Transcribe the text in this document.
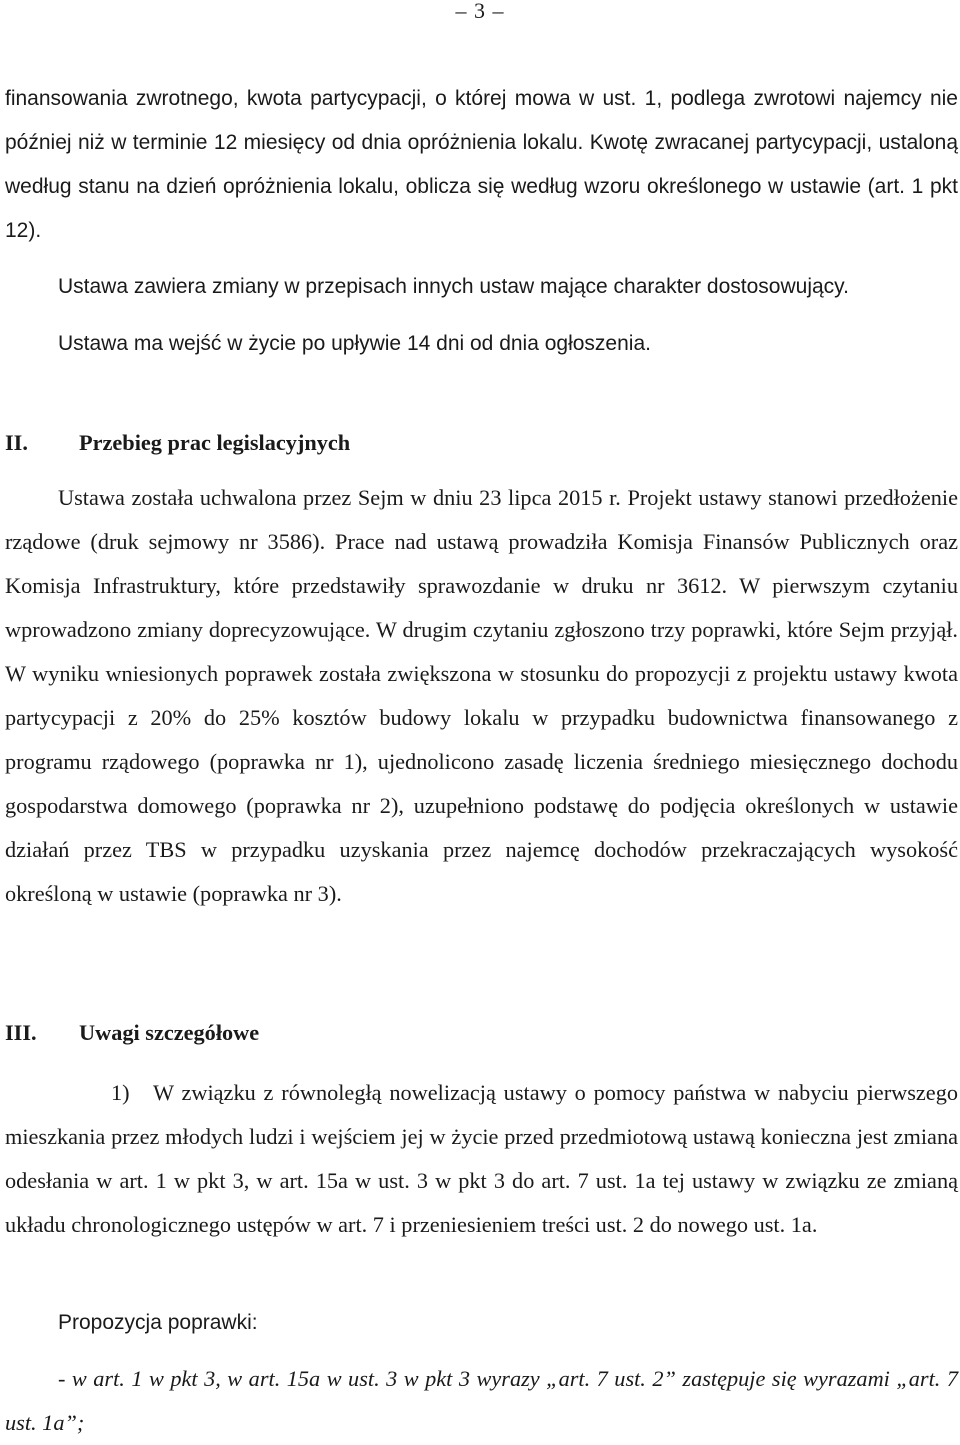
– 3 –

finansowania zwrotnego, kwota partycypacji, o której mowa w ust. 1, podlega zwrotowi najemcy nie później niż w terminie 12 miesięcy od dnia opróżnienia lokalu. Kwotę zwracanej partycypacji, ustaloną według stanu na dzień opróżnienia lokalu, oblicza się według wzoru określonego w ustawie (art. 1 pkt 12).

Ustawa zawiera zmiany w przepisach innych ustaw mające charakter dostosowujący.

Ustawa ma wejść w życie po upływie 14 dni od dnia ogłoszenia.

II. Przebieg prac legislacyjnych

Ustawa została uchwalona przez Sejm w dniu 23 lipca 2015 r. Projekt ustawy stanowi przedłożenie rządowe (druk sejmowy nr 3586). Prace nad ustawą prowadziła Komisja Finansów Publicznych oraz Komisja Infrastruktury, które przedstawiły sprawozdanie w druku nr 3612. W pierwszym czytaniu wprowadzono zmiany doprecyzowujące. W drugim czytaniu zgłoszono trzy poprawki, które Sejm przyjął. W wyniku wniesionych poprawek została zwiększona w stosunku do propozycji z projektu ustawy kwota partycypacji z 20% do 25% kosztów budowy lokalu w przypadku budownictwa finansowanego z programu rządowego (poprawka nr 1), ujednolicono zasadę liczenia średniego miesięcznego dochodu gospodarstwa domowego (poprawka nr 2), uzupełniono podstawę do podjęcia określonych w ustawie działań przez TBS w przypadku uzyskania przez najemcę dochodów przekraczających wysokość określoną w ustawie (poprawka nr 3).

III. Uwagi szczegółowe

1) W związku z równoległą nowelizacją ustawy o pomocy państwa w nabyciu pierwszego mieszkania przez młodych ludzi i wejściem jej w życie przed przedmiotową ustawą konieczna jest zmiana odesłania w art. 1 w pkt 3, w art. 15a w ust. 3 w pkt 3 do art. 7 ust. 1a tej ustawy w związku ze zmianą układu chronologicznego ustępów w art. 7 i przeniesieniem treści ust. 2 do nowego ust. 1a.

Propozycja poprawki:

- w art. 1 w pkt 3, w art. 15a w ust. 3 w pkt 3 wyrazy „art. 7 ust. 2” zastępuje się wyrazami „art. 7 ust. 1a”;
